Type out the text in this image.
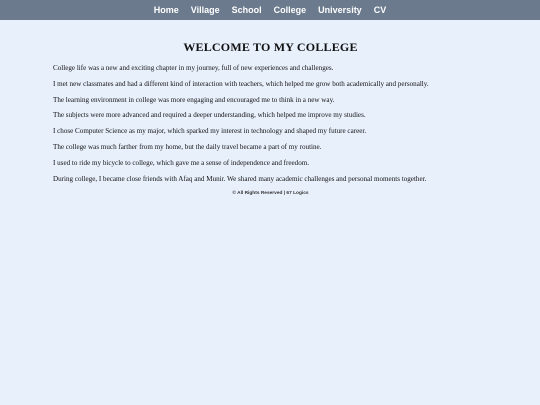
Home Village School College University CV
WELCOME TO MY COLLEGE

College life was a new and exciting chapter in my journey, full of new experiences and challenges.

I met new classmates and had a different kind of interaction with teachers, which helped me grow both academically and personally.

The learning environment in college was more engaging and encouraged me to think in a new way.

The subjects were more advanced and required a deeper understanding, which helped me improve my studies.

I chose Computer Science as my major, which sparked my interest in technology and shaped my future career.

The college was much farther from my home, but the daily travel became a part of my routine.

I used to ride my bicycle to college, which gave me a sense of independence and freedom.

During college, I became close friends with Afaq and Munir. We shared many academic challenges and personal moments together.

© All Rights Reserved | 67 Logics
